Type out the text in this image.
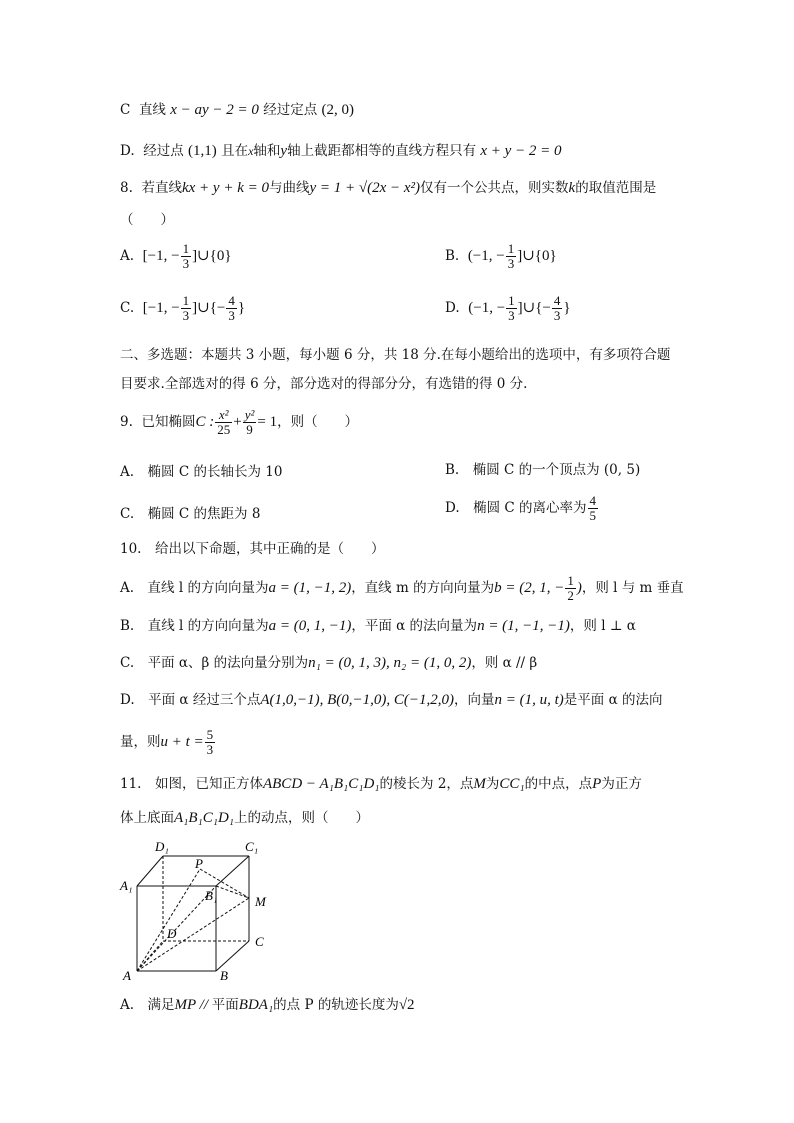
C 直线 x − ay − 2 = 0 经过定点 (2, 0)
D. 经过点 (1,1) 且在x轴和y轴上截距都相等的直线方程只有 x + y − 2 = 0
8. 若直线kx + y + k = 0与曲线y = 1 + √(2x − x²)仅有一个公共点，则实数k的取值范围是
（　　）
A. [−1, − $\frac{1}{3}$ ]∪{0}	B. (−1, − $\frac{1}{3}$ ]∪{0}
C. [−1, − $\frac{1}{3}$ ]∪{− $\frac{4}{3}$ }	D. (−1, − $\frac{1}{3}$ ]∪{− $\frac{4}{3}$ }
二、多选题：本题共 3 小题，每小题 6 分，共 18 分.在每小题给出的选项中，有多项符合题
目要求.全部选对的得 6 分，部分选对的得部分分，有选错的得 0 分.
9. 已知椭圆C : $\frac{\text{x²}}{25} + \frac{\text{y²}}{9} = 1$，则（　　）
A.　椭圆 C 的长轴长为 10	B.　椭圆 C 的一个顶点为 (0, 5)
C.　椭圆 C 的焦距为 8	D.　椭圆 C 的离心率为 $\frac{4}{5}$
10.　给出以下命题，其中正确的是（　　）
A.　直线 l 的方向向量为a = (1, −1, 2)，直线 m 的方向向量为b = (2, 1, − $\frac{1}{2}$ )，则 l 与 m 垂直
B.　直线 l 的方向向量为a = (0, 1, −1)，平面 α 的法向量为n = (1, −1, −1)，则 l ⊥ α
C.　平面 α、β 的法向量分别为n₁ = (0, 1, 3), n₂ = (1, 0, 2)，则 α // β
D.　平面 α 经过三个点A(1,0,−1), B(0,−1,0), C(−1,2,0)，向量n = (1, u, t)是平面 α 的法向
量，则$u + t = \frac{5}{3}$
11.　如图，已知正方体ABCD − A₁B₁C₁D₁的棱长为 2，点M为CC₁的中点，点P为正方
体上底面A₁B₁C₁D₁上的动点，则（　　）
D₁	C₁
A₁
P
B₁	M
D
C
A	B
A.　满足MP // 平面BDA₁的点 P 的轨迹长度为√2
